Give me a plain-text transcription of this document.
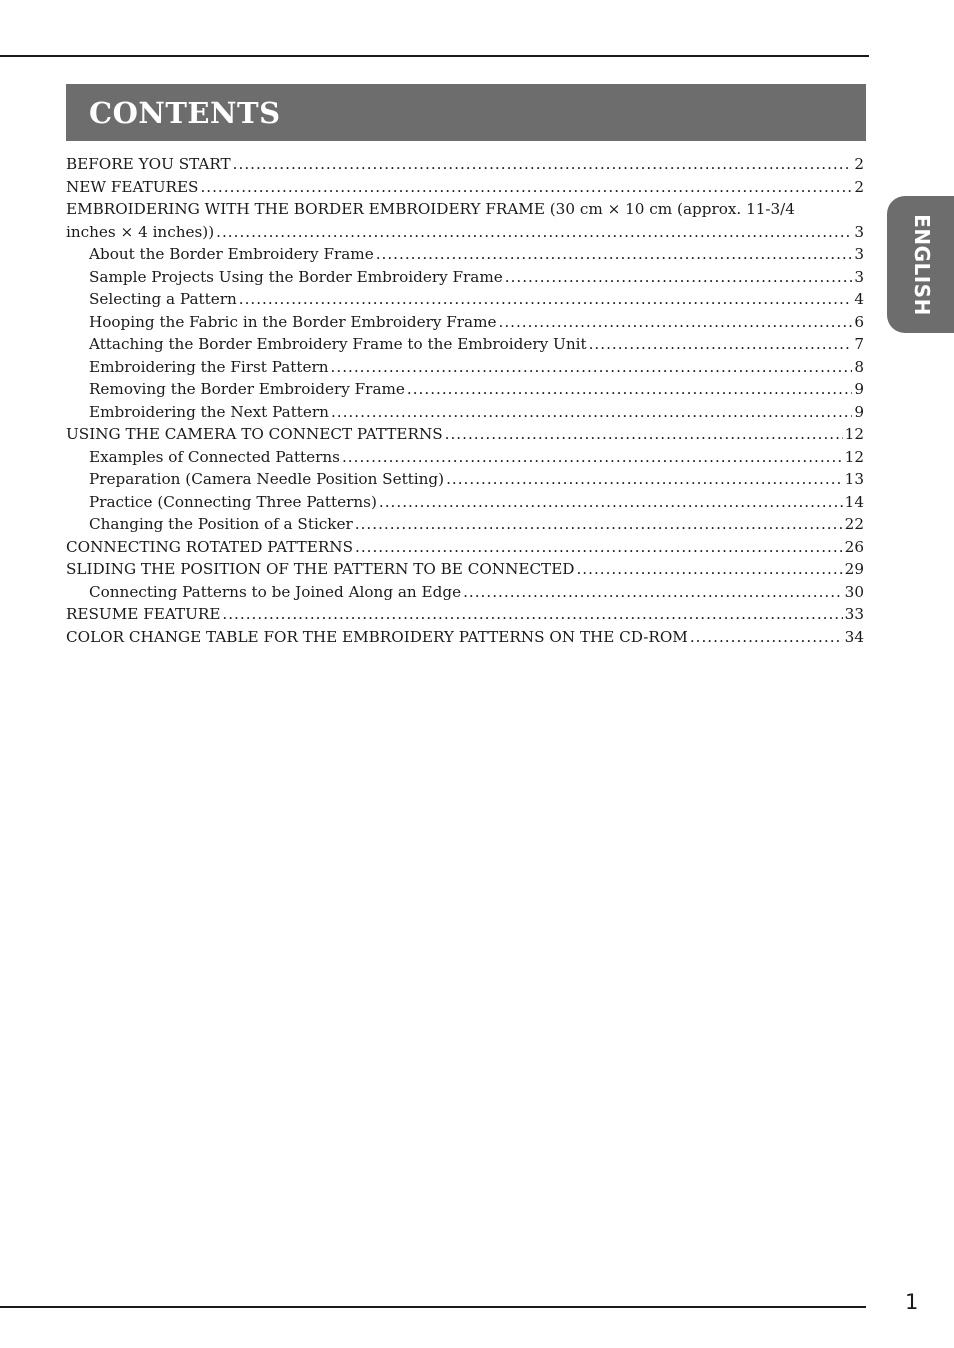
CONTENTS
ENGLISH
BEFORE YOU START .....	2
NEW FEATURES .....	2
EMBROIDERING WITH THE BORDER EMBROIDERY FRAME (30 cm × 10 cm (approx. 11-3/4
inches × 4 inches)) .....	3
About the Border Embroidery Frame .....	3
Sample Projects Using the Border Embroidery Frame .....	3
Selecting a Pattern .....	4
Hooping the Fabric in the Border Embroidery Frame .....	6
Attaching the Border Embroidery Frame to the Embroidery Unit .....	7
Embroidering the First Pattern .....	8
Removing the Border Embroidery Frame .....	9
Embroidering the Next Pattern .....	9
USING THE CAMERA TO CONNECT PATTERNS .....	12
Examples of Connected Patterns .....	12
Preparation (Camera Needle Position Setting) .....	13
Practice (Connecting Three Patterns) .....	14
Changing the Position of a Sticker .....	22
CONNECTING ROTATED PATTERNS .....	26
SLIDING THE POSITION OF THE PATTERN TO BE CONNECTED .....	29
Connecting Patterns to be Joined Along an Edge .....	30
RESUME FEATURE .....	33
COLOR CHANGE TABLE FOR THE EMBROIDERY PATTERNS ON THE CD-ROM .....	34
1
